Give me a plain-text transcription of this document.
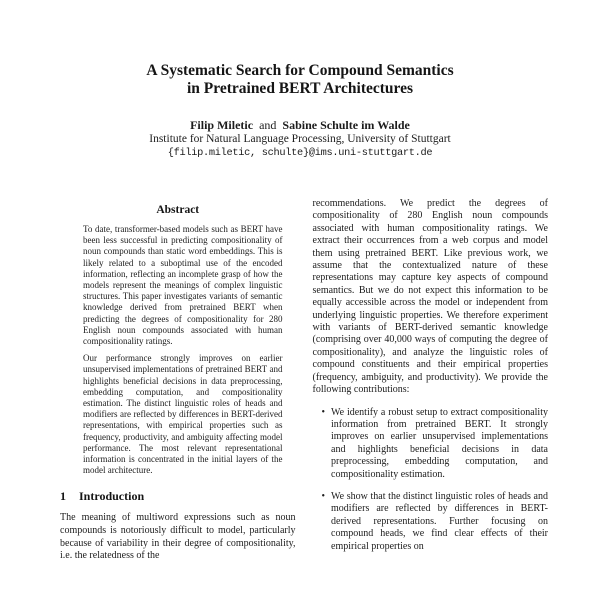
A Systematic Search for Compound Semantics
in Pretrained BERT Architectures
Filip Miletic and Sabine Schulte im Walde
Institute for Natural Language Processing, University of Stuttgart
{filip.miletic, schulte}@ims.uni-stuttgart.de
Abstract

To date, transformer-based models such as BERT have been less successful in predicting compositionality of noun compounds than static word embeddings. This is likely related to a suboptimal use of the encoded information, reflecting an incomplete grasp of how the models represent the meanings of complex linguistic structures. This paper investigates variants of semantic knowledge derived from pretrained BERT when predicting the degrees of compositionality for 280 English noun compounds associated with human compositionality ratings.

Our performance strongly improves on earlier unsupervised implementations of pretrained BERT and highlights beneficial decisions in data preprocessing, embedding computation, and compositionality estimation. The distinct linguistic roles of heads and modifiers are reflected by differences in BERT-derived representations, with empirical properties such as frequency, productivity, and ambiguity affecting model performance. The most relevant representational information is concentrated in the initial layers of the model architecture.

1 Introduction

The meaning of multiword expressions such as noun compounds is notoriously difficult to model, particularly because of variability in their degree of compositionality, i.e. the relatedness of the

recommendations. We predict the degrees of compositionality of 280 English noun compounds associated with human compositionality ratings. We extract their occurrences from a web corpus and model them using pretrained BERT. Like previous work, we assume that the contextualized nature of these representations may capture key aspects of compound semantics. But we do not expect this information to be equally accessible across the model or independent from underlying linguistic properties. We therefore experiment with variants of BERT-derived semantic knowledge (comprising over 40,000 ways of computing the degree of compositionality), and analyze the linguistic roles of compound constituents and their empirical properties (frequency, ambiguity, and productivity). We provide the following contributions:

• We identify a robust setup to extract compositionality information from pretrained BERT. It strongly improves on earlier unsupervised implementations and highlights beneficial decisions in data preprocessing, embedding computation, and compositionality estimation.
• We show that the distinct linguistic roles of heads and modifiers are reflected by differences in BERT-derived representations. Further focusing on compound heads, we find clear effects of their empirical properties on
